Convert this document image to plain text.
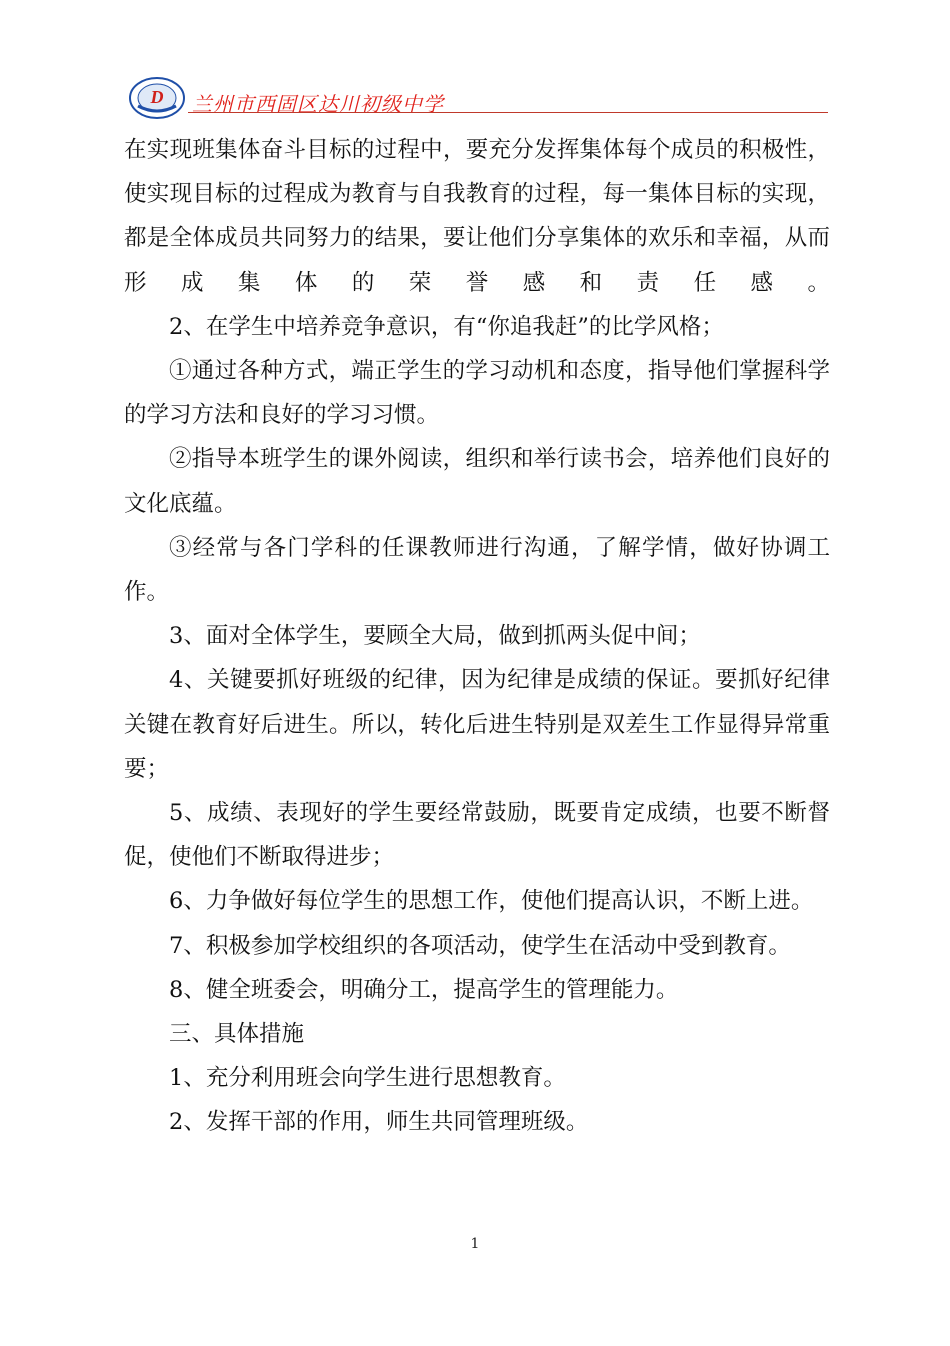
D 兰州市西固区达川初级中学

在实现班集体奋斗目标的过程中，要充分发挥集体每个成员的积极性，使实现目标的过程成为教育与自我教育的过程，每一集体目标的实现，都是全体成员共同努力的结果，要让他们分享集体的欢乐和幸福，从而形成集体的荣誉感和责任感。

2、在学生中培养竞争意识，有“你追我赶”的比学风格；

①通过各种方式，端正学生的学习动机和态度，指导他们掌握科学的学习方法和良好的学习习惯。

②指导本班学生的课外阅读，组织和举行读书会，培养他们良好的文化底蕴。

③经常与各门学科的任课教师进行沟通，了解学情，做好协调工作。

3、面对全体学生，要顾全大局，做到抓两头促中间；

4、关键要抓好班级的纪律，因为纪律是成绩的保证。要抓好纪律关键在教育好后进生。所以，转化后进生特别是双差生工作显得异常重要；

5、成绩、表现好的学生要经常鼓励，既要肯定成绩，也要不断督促，使他们不断取得进步；

6、力争做好每位学生的思想工作，使他们提高认识，不断上进。

7、积极参加学校组织的各项活动，使学生在活动中受到教育。

8、健全班委会，明确分工，提高学生的管理能力。

三、具体措施

1、充分利用班会向学生进行思想教育。

2、发挥干部的作用，师生共同管理班级。

1
